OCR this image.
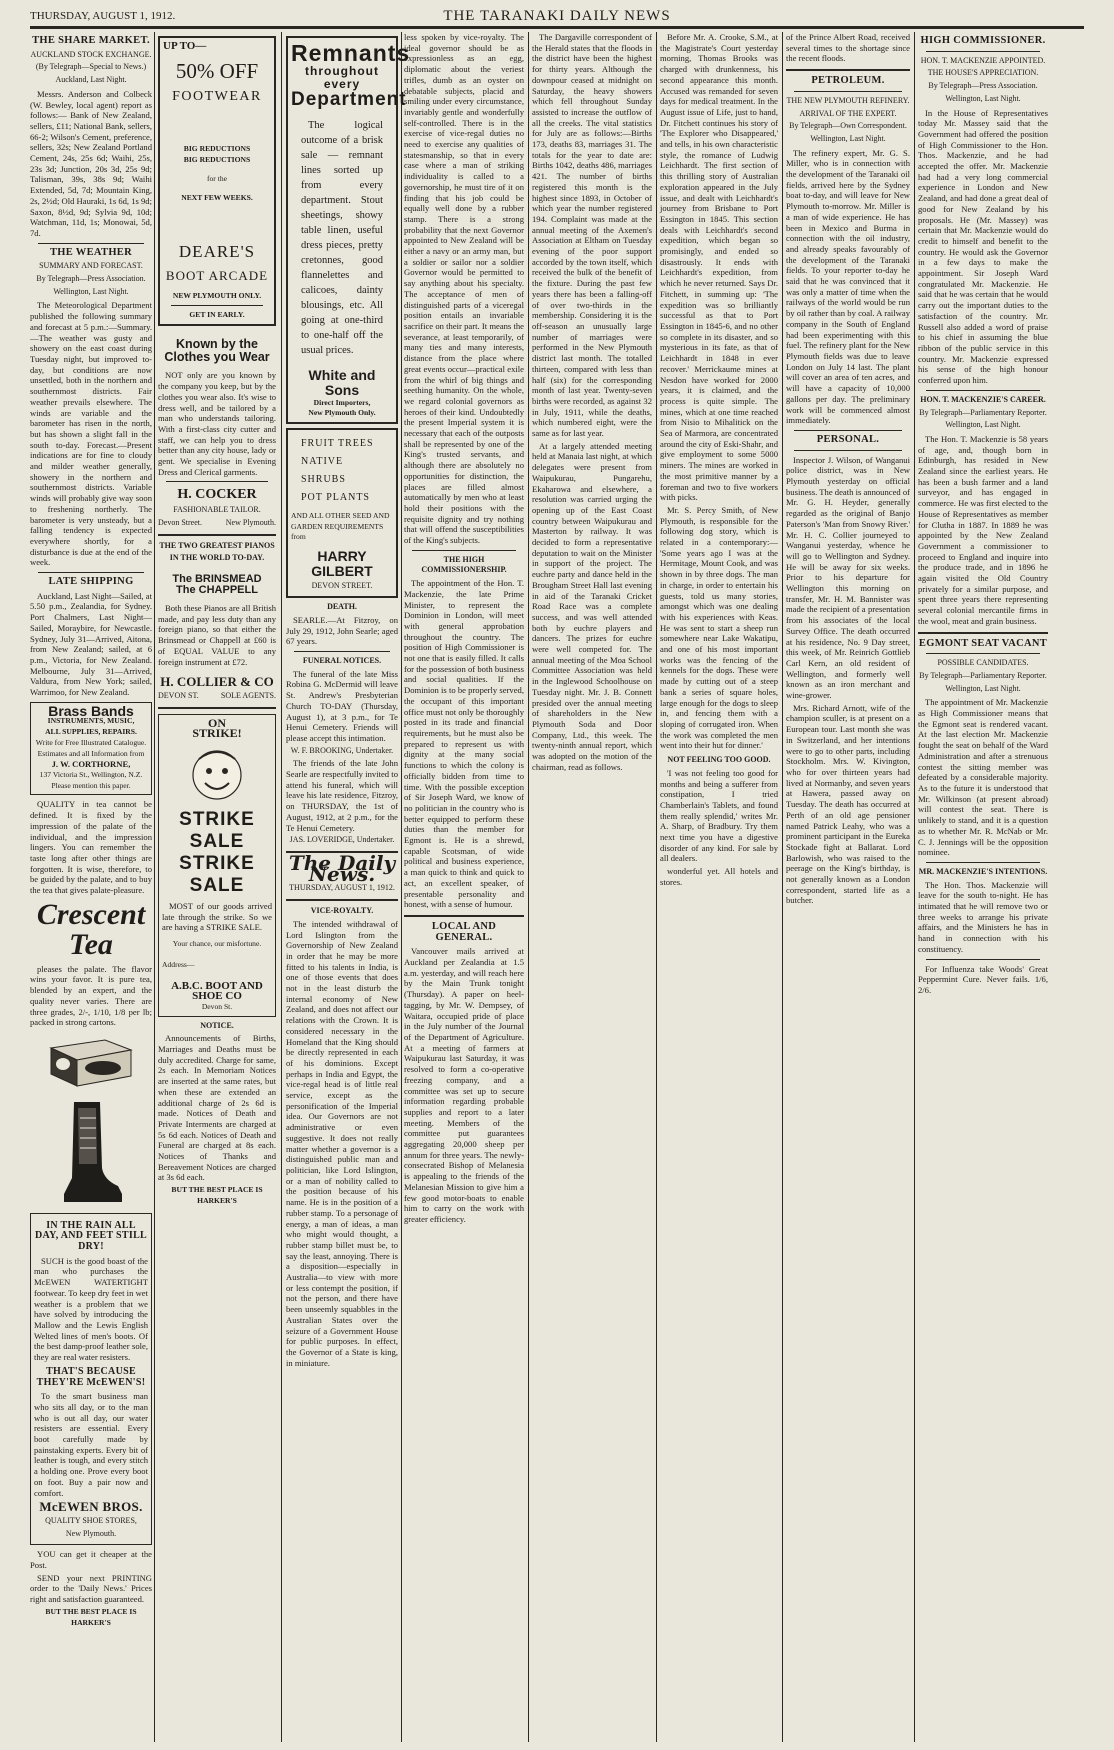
THURSDAY, AUGUST 1, 1912.	THE TARANAKI DAILY NEWS
THE SHARE MARKET.
AUCKLAND STOCK EXCHANGE.
(By Telegraph—Special to News.)
Auckland, Last Night.

Messrs. Anderson and Colbeck (W. Bewley, local agent) report as follows:— Bank of New Zealand, sellers, £11; National Bank, sellers, 66-2; Wilson's Cement, preference, sellers, 32s; New Zealand Portland Cement, 24s, 25s 6d; Waihi, 25s, 23s 3d; Junction, 20s 3d, 25s 9d; Talisman, 39s, 38s 9d; Waihi Extended, 5d, 7d; Mountain King, 2s, 2½d; Old Hauraki, 1s 6d, 1s 9d; Saxon, 8½d, 9d; Sylvia 9d, 10d; Watchman, 11d, 1s; Monowai, 5d, 7d.

THE WEATHER
SUMMARY AND FORECAST.
By Telegraph—Press Association.
Wellington, Last Night.

The Meteorological Department published the following summary and forecast at 5 p.m.:—Summary.—The weather was gusty and showery on the east coast during Tuesday night, but improved to-day, but conditions are now unsettled, both in the northern and southernmost districts. Fair weather prevails elsewhere. The winds are variable and the barometer has risen in the north, but has shown a slight fall in the south to-day. Forecast.—Present indications are for fine to cloudy and milder weather generally, showery in the northern and southernmost districts. Variable winds will probably give way soon to freshening northerly. The barometer is very unsteady, but a falling tendency is expected everywhere shortly, for a disturbance is due at the end of the week.

LATE SHIPPING

Auckland, Last Night—Sailed, at 5.50 p.m., Zealandia, for Sydney. Port Chalmers, Last Night—Sailed, Moraybire, for Newcastle. Sydney, July 31—Arrived, Aitona, from New Zealand; sailed, at 6 p.m., Victoria, for New Zealand. Melbourne, July 31—Arrived, Valdura, from New York; sailed, Warrimoo, for New Zealand.

Brass Bands
INSTRUMENTS, MUSIC,
ALL SUPPLIES, REPAIRS.
Write for Free Illustrated Catalogue. Estimates and all Information from
J. W. CORTHORNE,
137 Victoria St., Wellington, N.Z.
Please mention this paper.

QUALITY in tea cannot be defined. It is fixed by the impression of the palate of the individual, and the impression lingers. You can remember the taste long after other things are forgotten. It is wise, therefore, to be guided by the palate, and to buy the tea that gives palate-pleasure.

Crescent
Tea

pleases the palate. The flavor wins your favor. It is pure tea, blended by an expert, and the quality never varies. There are three grades, 2/-, 1/10, 1/8 per lb; packed in strong cartons.

IN THE RAIN ALL DAY, AND FEET STILL DRY!

SUCH is the good boast of the man who purchases the McEWEN WATERTIGHT footwear. To keep dry feet in wet weather is a problem that we have solved by introducing the Mallow and the Lewis English Welted lines of men's boots. Of the best damp-proof leather sole, they are real water resisters.

THAT'S BECAUSE THEY'RE McEWEN'S!

To the smart business man who sits all day, or to the man who is out all day, our water resisters are essential. Every boot carefully made by painstaking experts. Every bit of leather is tough, and every stitch a holding one. Prove every boot on foot. Buy a pair now and comfort.

McEWEN BROS.
QUALITY SHOE STORES,
New Plymouth.

YOU can get it cheaper at the Post.

SEND your next PRINTING order to the 'Daily News.' Prices right and satisfaction guaranteed.

BUT THE BEST PLACE IS HARKER'S
UP TO—
50% OFF
FOOTWEAR
BIG REDUCTIONS
BIG REDUCTIONS
for the
NEXT FEW WEEKS.
DEARE'S
BOOT ARCADE
NEW PLYMOUTH ONLY.
GET IN EARLY.
Known by the
Clothes you Wear

NOT only are you known by the company you keep, but by the clothes you wear also. It's wise to dress well, and be tailored by a man who understands tailoring. With a first-class city cutter and staff, we can help you to dress better than any city house, lady or gent. We specialise in Evening Dress and Clerical garments.

H. COCKER
FASHIONABLE TAILOR.
Devon Street.	New Plymouth.
THE TWO GREATEST PIANOS
IN THE WORLD TO-DAY.
The BRINSMEAD
The CHAPPELL

Both these Pianos are all British made, and pay less duty than any foreign piano, so that either the Brinsmead or Chappell at £60 is of EQUAL VALUE to any foreign instrument at £72.

H. COLLIER & CO
DEVON ST.	SOLE AGENTS.
ON
STRIKE!
STRIKE SALE
STRIKE SALE

MOST of our goods arrived late through the strike. So we are having a STRIKE SALE.

Your chance, our misfortune.
Address—
A.B.C. BOOT AND SHOE CO
Devon St.
NOTICE.

Announcements of Births, Marriages and Deaths must be duly accredited. Charge for same, 2s each. In Memoriam Notices are inserted at the same rates, but when these are extended an additional charge of 2s 6d is made. Notices of Death and Private Interments are charged at 5s 6d each. Notices of Death and Funeral are charged at 8s each. Notices of Thanks and Bereavement Notices are charged at 3s 6d each.

BUT THE BEST PLACE IS HARKER'S
Remnants
throughout every
Department

The logical outcome of a brisk sale — remnant lines sorted up from every department. Stout sheetings, showy table linen, useful dress pieces, pretty cretonnes, good flannelettes and calicoes, dainty blousings, etc. All going at one-third to one-half off the usual prices.

White and Sons
Direct Importers,
New Plymouth Only.
FRUIT TREES
NATIVE
SHRUBS
POT PLANTS
AND ALL OTHER SEED AND GARDEN REQUIREMENTS from
HARRY GILBERT
DEVON STREET.
DEATH.

SEARLE.—At Fitzroy, on July 29, 1912, John Searle; aged 67 years.

FUNERAL NOTICES.

The funeral of the late Miss Robina G. McDermid will leave St. Andrew's Presbyterian Church TO-DAY (Thursday, August 1), at 3 p.m., for Te Henui Cemetery. Friends will please accept this intimation.

W. F. BROOKING, Undertaker.

The friends of the late John Searle are respectfully invited to attend his funeral, which will leave his late residence, Fitzroy, on THURSDAY, the 1st of August, 1912, at 2 p.m., for the Te Henui Cemetery.

JAS. LOVERIDGE, Undertaker.
The Daily News.
THURSDAY, AUGUST 1, 1912.
VICE-ROYALTY.

The intended withdrawal of Lord Islington from the Governorship of New Zealand in order that he may be more fitted to his talents in India, is one of those events that does not in the least disturb the internal economy of New Zealand, and does not affect our relations with the Crown. It is considered necessary in the Homeland that the King should be directly represented in each of his dominions. Except perhaps in India and Egypt, the vice-regal head is of little real service, except as the personification of the Imperial idea. Our Governors are not administrative or even suggestive. It does not really matter whether a governor is a distinguished public man and politician, like Lord Islington, or a man of nobility called to the position because of his name. He is in the position of a rubber stamp. To a personage of energy, a man of ideas, a man who might would thought, a rubber stamp billet must be, to say the least, annoying. There is a disposition—especially in Australia—to view with more or less contempt the position, if not the person, and there have been unseemly squabbles in the Australian States over the seizure of a Government House for public purposes. In effect, the Governor of a State is king, in miniature.

less spoken by vice-royalty. The ideal governor should be as expressionless as an egg, diplomatic about the veriest trifles, dumb as an oyster on debatable subjects, placid and smiling under every circumstance, invariably gentle and wonderfully self-controlled. There is in the exercise of vice-regal duties no need to exercise any qualities of statesmanship, so that in every case where a man of striking individuality is called to a governorship, he must tire of it on finding that his job could be equally well done by a rubber stamp. There is a strong probability that the next Governor appointed to New Zealand will be either a navy or an army man, but a soldier or sailor nor a soldier Governor would be permitted to say anything about his specialty. The acceptance of men of distinguished parts of a viceregal position entails an invariable sacrifice on their part. It means the severance, at least temporarily, of many ties and many interests, distance from the place where great events occur—practical exile from the whirl of big things and seething humanity. On the whole, we regard colonial governors as heroes of their kind. Undoubtedly the present Imperial system it is necessary that each of the outposts shall be represented by one of the King's trusted servants, and although there are absolutely no opportunities for distinction, the places are filled almost automatically by men who at least hold their positions with the requisite dignity and try nothing that will offend the susceptibilities of the King's subjects.

THE HIGH COMMISSIONERSHIP.

The appointment of the Hon. T. Mackenzie, the late Prime Minister, to represent the Dominion in London, will meet with general approbation throughout the country. The position of High Commissioner is not one that is easily filled. It calls for the possession of both business and social qualities. If the Dominion is to be properly served, the occupant of this important office must not only be thoroughly posted in its trade and financial requirements, but he must also be prepared to represent us with dignity at the many social functions to which the colony is officially bidden from time to time. With the possible exception of Sir Joseph Ward, we know of no politician in the country who is better equipped to perform these duties than the member for Egmont is. He is a shrewd, capable Scotsman, of wide political and business experience, a man quick to think and quick to act, an excellent speaker, of presentable personality and honest, with a sense of humour.

LOCAL AND GENERAL.

Vancouver mails arrived at Auckland per Zealandia at 1.5 a.m. yesterday, and will reach here by the Main Trunk tonight (Thursday). A paper on heel-tagging, by Mr. W. Dempsey, of Waitara, occupied pride of place in the July number of the Journal of the Department of Agriculture. At a meeting of farmers at Waipukurau last Saturday, it was resolved to form a co-operative freezing company, and a committee was set up to secure information regarding probable supplies and report to a later meeting. Members of the committee put guarantees aggregating 20,000 sheep per annum for three years. The newly-consecrated Bishop of Melanesia is appealing to the friends of the Melanesian Mission to give him a few good motor-boats to enable him to carry on the work with greater efficiency.

The Dargaville correspondent of the Herald states that the floods in the district have been the highest for thirty years. Although the downpour ceased at midnight on Saturday, the heavy showers which fell throughout Sunday assisted to increase the outflow of all the creeks. The vital statistics for July are as follows:—Births 173, deaths 83, marriages 31. The totals for the year to date are: Births 1042, deaths 486, marriages 421. The number of births registered this month is the highest since 1893, in October of which year the number registered 194. Complaint was made at the annual meeting of the Axemen's Association at Eltham on Tuesday evening of the poor support accorded by the town itself, which received the bulk of the benefit of the fixture. During the past few years there has been a falling-off of over two-thirds in the membership. Considering it is the off-season an unusually large number of marriages were performed in the New Plymouth district last month. The totalled thirteen, compared with less than half (six) for the corresponding month of last year. Twenty-seven births were recorded, as against 32 in July, 1911, while the deaths, which numbered eight, were the same as for last year.

At a largely attended meeting held at Manaia last night, at which delegates were present from Waipukurau, Pungarehu, Ekaharowa and elsewhere, a resolution was carried urging the opening up of the East Coast country between Waipukurau and Masterton by railway. It was decided to form a representative deputation to wait on the Minister in support of the project. The euchre party and dance held in the Brougham Street Hall last evening in aid of the Taranaki Cricket Road Race was a complete success, and was well attended both by euchre players and dancers. The prizes for euchre were well competed for. The annual meeting of the Moa School Committee Association was held in the Inglewood Schoolhouse on Tuesday night. Mr. J. B. Connett presided over the annual meeting of shareholders in the New Plymouth Soda and Door Company, Ltd., this week. The twenty-ninth annual report, which was adopted on the motion of the chairman, read as follows.

Before Mr. A. Crooke, S.M., at the Magistrate's Court yesterday morning, Thomas Brooks was charged with drunkenness, his second appearance this month. Accused was remanded for seven days for medical treatment. In the August issue of Life, just to hand, Dr. Fitchett continues his story of 'The Explorer who Disappeared,' and tells, in his own characteristic style, the romance of Ludwig Leichhardt. The first section of this thrilling story of Australian exploration appeared in the July issue, and dealt with Leichhardt's journey from Brisbane to Port Essington in 1845. This section deals with Leichhardt's second expedition, which began so promisingly, and ended so disastrously. It ends with Leichhardt's expedition, from which he never returned. Says Dr. Fitchett, in summing up: 'The expedition was so brilliantly successful as that to Port Essington in 1845-6, and no other so complete in its disaster, and so mysterious in its fate, as that of Leichhardt in 1848 in ever recover.' Merrickaume mines at Nesdon have worked for 2000 years, it is claimed, and the process is quite simple. The mines, which at one time reached from Nisio to Mihalitick on the Sea of Marmora, are concentrated around the city of Eski-Shahr, and give employment to some 5000 miners. The mines are worked in the most primitive manner by a foreman and two to five workers with picks.

Mr. S. Percy Smith, of New Plymouth, is responsible for the following dog story, which is related in a contemporary:— 'Some years ago I was at the Hermitage, Mount Cook, and was shown in by three dogs. The man in charge, in order to entertain his guests, told us many stories, amongst which was one dealing with his experiences with Keas. He was sent to start a sheep run somewhere near Lake Wakatipu, and one of his most important works was the fencing of the kennels for the dogs. These were made by cutting out of a steep bank a series of square holes, large enough for the dogs to sleep in, and fencing them with a sloping of corrugated iron. When the work was completed the men went into their hut for dinner.'

NOT FEELING TOO GOOD.

'I was not feeling too good for months and being a sufferer from constipation, I tried Chamberlain's Tablets, and found them really splendid,' writes Mr. A. Sharp, of Bradbury. Try them next time you have a digestive disorder of any kind. For sale by all dealers.

wonderful yet. All hotels and stores.

of the Prince Albert Road, received several times to the shortage since the recent floods.

PETROLEUM.
THE NEW PLYMOUTH REFINERY.
ARRIVAL OF THE EXPERT.
By Telegraph—Own Correspondent.
Wellington, Last Night.

The refinery expert, Mr. G. S. Miller, who is in connection with the development of the Taranaki oil fields, arrived here by the Sydney boat to-day, and will leave for New Plymouth to-morrow. Mr. Miller is a man of wide experience. He has been in Mexico and Burma in connection with the oil industry, and already speaks favourably of the development of the Taranaki fields. To your reporter to-day he said that he was convinced that it was only a matter of time when the railways of the world would be run by oil rather than by coal. A railway company in the South of England had been experimenting with this fuel. The refinery plant for the New Plymouth fields was due to leave London on July 14 last. The plant will cover an area of ten acres, and will have a capacity of 10,000 gallons per day. The preliminary work will be commenced almost immediately.

PERSONAL.

Inspector J. Wilson, of Wanganui police district, was in New Plymouth yesterday on official business. The death is announced of Mr. G. H. Heyder, generally regarded as the original of Banjo Paterson's 'Man from Snowy River.' Mr. H. C. Collier journeyed to Wanganui yesterday, whence he will go to Wellington and Sydney. He will be away for six weeks. Prior to his departure for Wellington this morning on transfer, Mr. H. M. Bannister was made the recipient of a presentation from his associates of the local Survey Office. The death occurred at his residence, No. 9 Day street, this week, of Mr. Reinrich Gottlieb Carl Kern, an old resident of Wellington, and formerly well known as an iron merchant and wine-grower.

Mrs. Richard Arnott, wife of the champion sculler, is at present on a European tour. Last month she was in Switzerland, and her intentions were to go to other parts, including Stockholm. Mrs. W. Kivington, who for over thirteen years had lived at Normanby, and seven years at Hawera, passed away on Tuesday. The death has occurred at Perth of an old age pensioner named Patrick Leahy, who was a prominent participant in the Eureka Stockade fight at Ballarat. Lord Barlowish, who was raised to the peerage on the King's birthday, is not generally known as a London correspondent, started life as a butcher.

HIGH COMMISSIONER.
HON. T. MACKENZIE APPOINTED.
THE HOUSE'S APPRECIATION.
By Telegraph—Press Association.
Wellington, Last Night.

In the House of Representatives today Mr. Massey said that the Government had offered the position of High Commissioner to the Hon. Thos. Mackenzie, and he had accepted the offer. Mr. Mackenzie had had a very long commercial experience in London and New Zealand, and had done a great deal of good for New Zealand by his proposals. He (Mr. Massey) was certain that Mr. Mackenzie would do credit to himself and benefit to the country. He would ask the Governor in a few days to make the appointment. Sir Joseph Ward congratulated Mr. Mackenzie. He said that he was certain that he would carry out the important duties to the satisfaction of the country. Mr. Russell also added a word of praise to his chief in assuming the blue ribbon of the public service in this country. Mr. Mackenzie expressed his sense of the high honour conferred upon him.

HON. T. MACKENZIE'S CAREER.
By Telegraph—Parliamentary Reporter.
Wellington, Last Night.

The Hon. T. Mackenzie is 58 years of age, and, though born in Edinburgh, has resided in New Zealand since the earliest years. He has been a bush farmer and a land surveyor, and has engaged in commerce. He was first elected to the House of Representatives as member for Clutha in 1887. In 1889 he was appointed by the New Zealand Government a commissioner to proceed to England and inquire into the produce trade, and in 1896 he again visited the Old Country privately for a similar purpose, and spent three years there representing several colonial mercantile firms in the wool, meat and grain business.

EGMONT SEAT VACANT
POSSIBLE CANDIDATES.
By Telegraph—Parliamentary Reporter.
Wellington, Last Night.

The appointment of Mr. Mackenzie as High Commissioner means that the Egmont seat is rendered vacant. At the last election Mr. Mackenzie fought the seat on behalf of the Ward Administration and after a strenuous contest the sitting member was defeated by a considerable majority. As to the future it is understood that Mr. Wilkinson (at present abroad) will contest the seat. There is unlikely to stand, and it is a question as to whether Mr. R. McNab or Mr. C. J. Jennings will be the opposition nominee.

MR. MACKENZIE'S INTENTIONS.

The Hon. Thos. Mackenzie will leave for the south to-night. He has intimated that he will remove two or three weeks to arrange his private affairs, and the Ministers he has in hand in connection with his constituency.

For Influenza take Woods' Great Peppermint Cure. Never fails. 1/6, 2/6.
